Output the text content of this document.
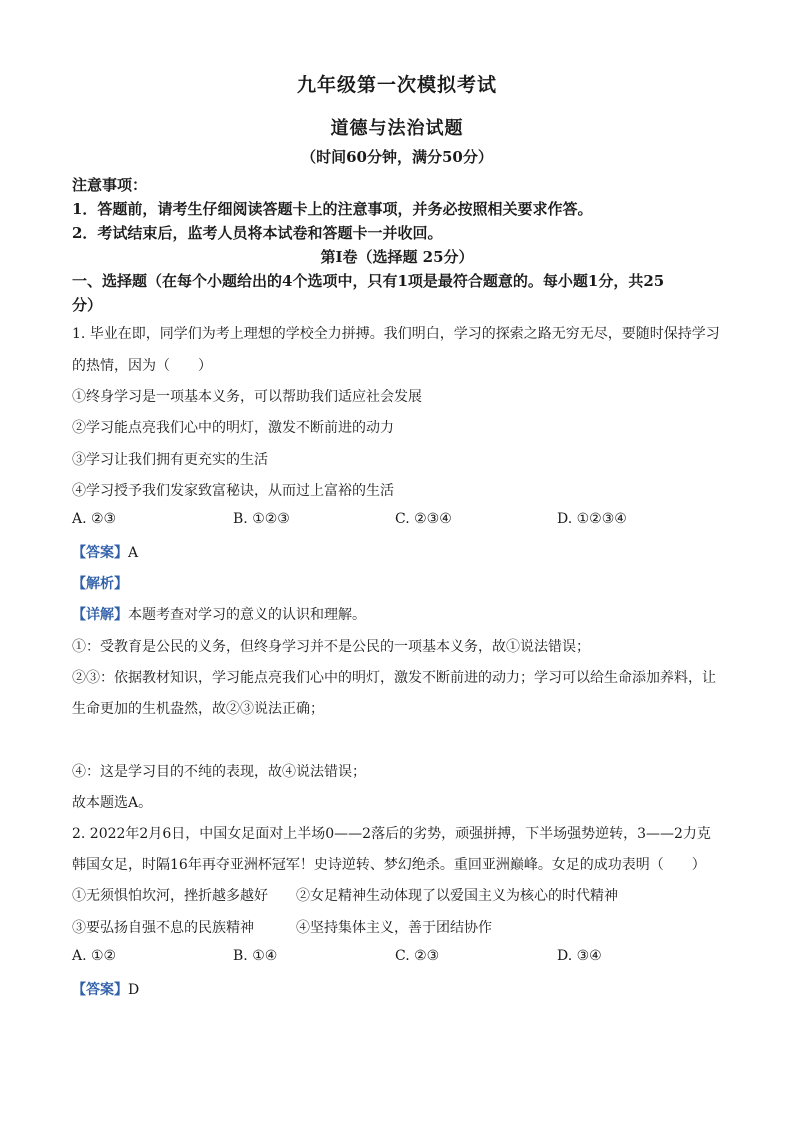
九年级第一次模拟考试
道德与法治试题
（时间60分钟，满分50分）
注意事项：
1．答题前，请考生仔细阅读答题卡上的注意事项，并务必按照相关要求作答。
2．考试结束后，监考人员将本试卷和答题卡一并收回。
第Ⅰ卷（选择题 25分）
一、选择题（在每个小题给出的4个选项中，只有1项是最符合题意的。每小题1分，共25
分）
1. 毕业在即，同学们为考上理想的学校全力拼搏。我们明白，学习的探索之路无穷无尽，要随时保持学习
的热情，因为（　　）
①终身学习是一项基本义务，可以帮助我们适应社会发展
②学习能点亮我们心中的明灯，激发不断前进的动力
③学习让我们拥有更充实的生活
④学习授予我们发家致富秘诀，从而过上富裕的生活
A. ②③	B. ①②③	C. ②③④	D. ①②③④
【答案】A
【解析】
【详解】本题考查对学习的意义的认识和理解。
①：受教育是公民的义务，但终身学习并不是公民的一项基本义务，故①说法错误；
②③：依据教材知识，学习能点亮我们心中的明灯，激发不断前进的动力；学习可以给生命添加养料，让
生命更加的生机盎然，故②③说法正确；
④：这是学习目的不纯的表现，故④说法错误；
故本题选A。
2. 2022年2月6日，中国女足面对上半场0——2落后的劣势，顽强拼搏，下半场强势逆转，3——2力克
韩国女足，时隔16年再夺亚洲杯冠军！史诗逆转、梦幻绝杀。重回亚洲巅峰。女足的成功表明（　　）
①无须惧怕坎河，挫折越多越好　　②女足精神生动体现了以爱国主义为核心的时代精神
③要弘扬自强不息的民族精神　　　④坚持集体主义，善于团结协作
A. ①②	B. ①④	C. ②③	D. ③④
【答案】D
